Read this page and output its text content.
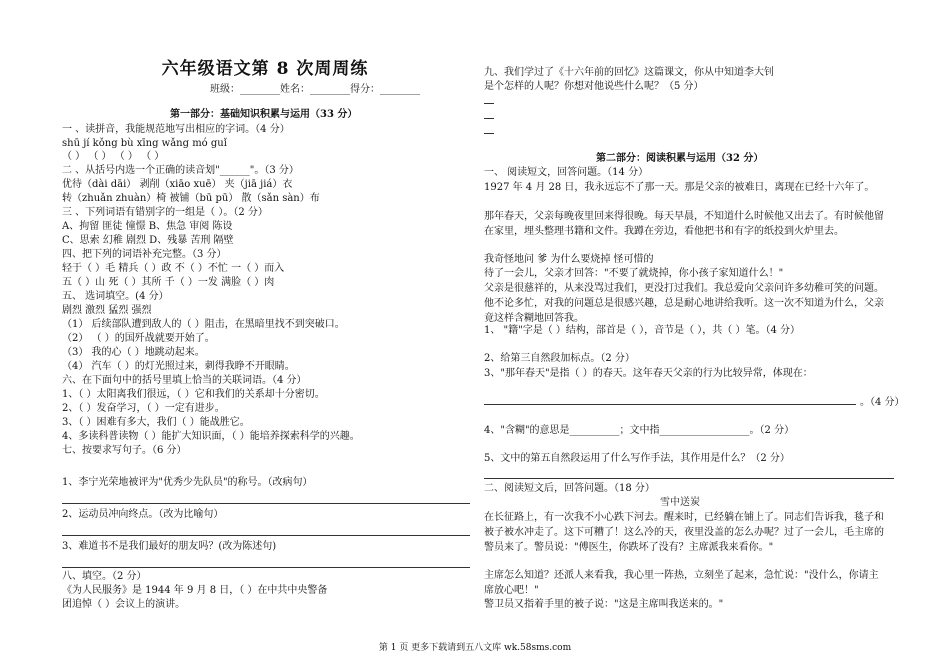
六年级语文第 8 次周周练
班级：________姓名：________得分：________
第一部分：基础知识积累与运用（33 分）
一 、读拼音，我能规范地写出相应的字词。（4 分）
shū jí kǒng bù xīng wǎng mó guǐ
（ ） （ ） （ ） （ ）
二 、从括号内选一个正确的读音划"______"。（3 分）
优待（dài dāi） 剥削（xiāo xuē） 夹（jiā jiá）衣
转（zhuǎn zhuàn）椅 被铺（bū pū） 散（sǎn sàn）布
三 、下列词语有错别字的一组是（ ）。（2 分）
A、拘留 匪徒 憧憬 B、焦急 审阅 陈设
C、思索 幻稚 剧烈 D、残暴 苦刑 隔壁
四、把下列的词语补充完整。（3 分）
轻于（ ）毛 精兵（ ）政 不（ ）不忙 一（ ）而入
五（ ）山 死（ ）其所 千（ ）一发 满脸（ ）肉
五、 选词填空。(4 分）
剧烈 激烈 猛烈 强烈
（1） 后续部队遭到敌人的（ ）阻击，在黑暗里找不到突破口。
（2） （ ）的国歼战就要开始了。
（3） 我的心（ ）地跳动起来。
（4） 汽车（ ）的灯光照过来，刺得我睁不开眼睛。
六、在下面句中的括号里填上恰当的关联词语。（4 分）
1、（ ）太阳离我们很远，（ ）它和我们的关系却十分密切。
2、（ ）发奋学习，（ ）一定有进步。
3、（ ）困难有多大，我们（ ）能战胜它。
4、多读科普读物（ ）能扩大知识面，（ ）能培养探索科学的兴趣。
七、按要求写句子。（6 分）
1、李宁光荣地被评为"优秀少先队员"的称号。（改病句）
2、运动员冲向终点。（改为比喻句）
3、难道书不是我们最好的朋友吗？(改为陈述句)
八、填空。（2 分）
《为人民服务》是 1944 年 9 月 8 日，（ ）在中共中央警备
团追悼（ ）会议上的演讲。
九、我们学过了《十六年前的回忆》这篇课文，你从中知道李大钊
是个怎样的人呢？你想对他说些什么呢？（5 分）
第二部分：阅读积累与运用（32 分）
一、 阅读短文，回答问题。（14 分）
1927 年 4 月 28 日，我永远忘不了那一天。那是父亲的被难日，离现在已经十六年了。
那年春天，父亲每晚夜里回来得很晚。每天早晨，不知道什么时候他又出去了。有时候他留在家里，埋头整理书籍和文件。我蹲在旁边，看他把书和有字的纸投到火炉里去。
我奇怪地问 爹 为什么要烧掉 怪可惜的
待了一会儿，父亲才回答："不要了就烧掉，你小孩子家知道什么！"
父亲是很慈祥的，从来没骂过我们，更没打过我们。我总爱向父亲问许多幼稚可笑的问题。他不论多忙，对我的问题总是很感兴趣，总是耐心地讲给我听。这一次不知道为什么，父亲竟这样含糊地回答我。
1、 "籍"字是（ ）结构，部首是（ ），音节是（ ），共（ ）笔。（4 分）
2、给第三自然段加标点。（2 分）
3、"那年春天"是指（ ）的春天。这年春天父亲的行为比较异常，体现在：
。（4 分）
4、"含糊"的意思是__________；文中指__________________。（2 分）
5、文中的第五自然段运用了什么写作手法，其作用是什么？（2 分）
二、阅读短文后，回答问题。（18 分）
雪中送炭
在长征路上，有一次我不小心跌下河去。醒来时，已经躺在铺上了。同志们告诉我，毯子和被子被水冲走了。这下可糟了！这么冷的天，夜里没盖的怎么办呢？过了一会儿，毛主席的警员来了。警员说："傅医生，你跌坏了没有？主席派我来看你。"
主席怎么知道？还派人来看我，我心里一阵热，立刻坐了起来，急忙说："没什么，你请主席放心吧！"
警卫员又指着手里的被子说："这是主席叫我送来的。"
第 1 页 更多下载请到五八文库 wk.58sms.com
